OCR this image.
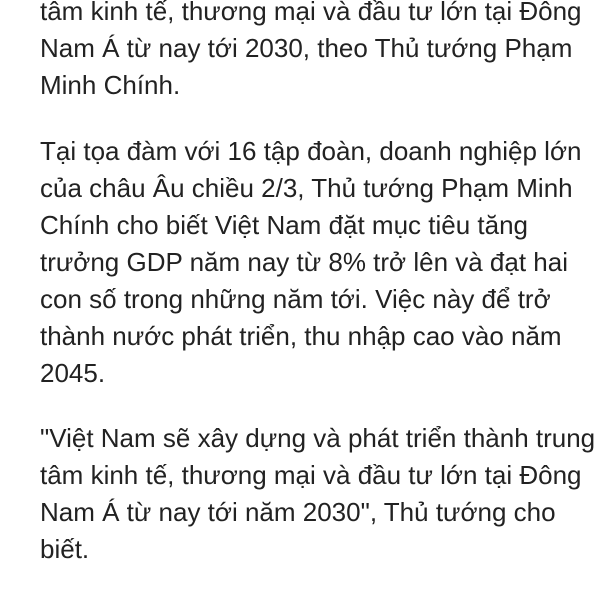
tâm kinh tế, thương mại và đầu tư lớn tại Đông
Nam Á từ nay tới 2030, theo Thủ tướng Phạm
Minh Chính.

Tại tọa đàm với 16 tập đoàn, doanh nghiệp lớn
của châu Âu chiều 2/3, Thủ tướng Phạm Minh
Chính cho biết Việt Nam đặt mục tiêu tăng
trưởng GDP năm nay từ 8% trở lên và đạt hai
con số trong những năm tới. Việc này để trở
thành nước phát triển, thu nhập cao vào năm
2045.

"Việt Nam sẽ xây dựng và phát triển thành trung
tâm kinh tế, thương mại và đầu tư lớn tại Đông
Nam Á từ nay tới năm 2030", Thủ tướng cho
biết.
